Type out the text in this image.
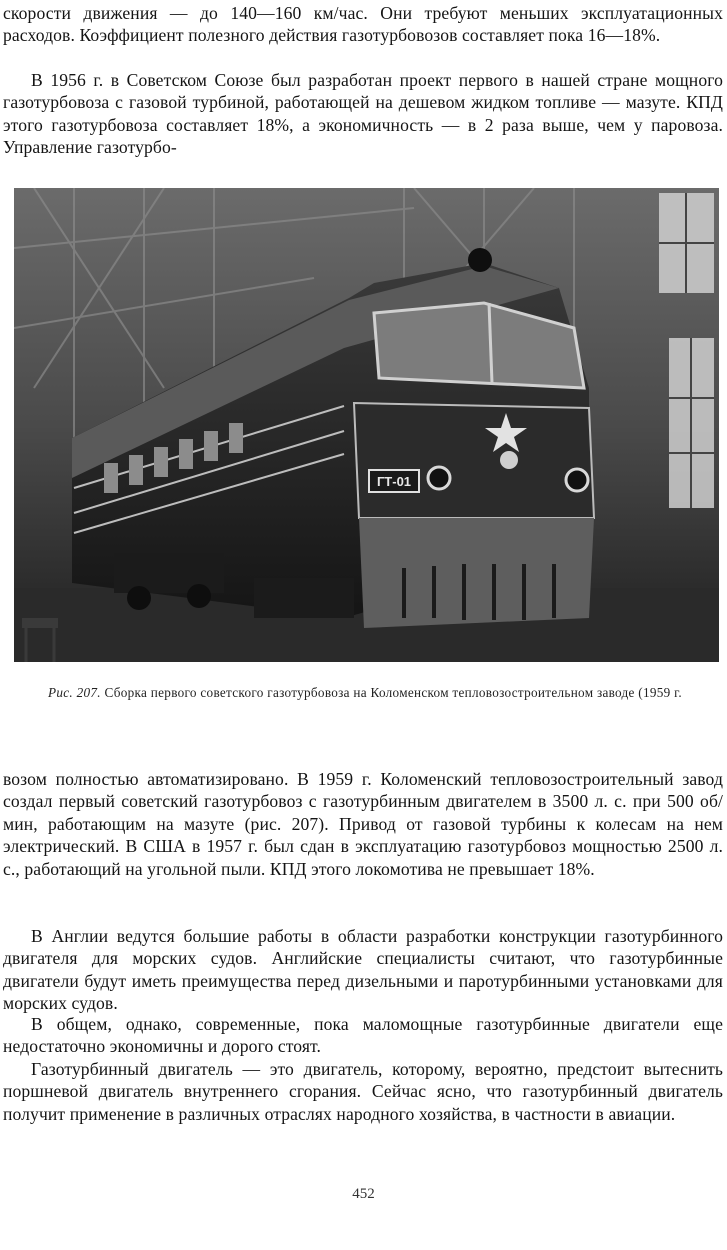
скорости движения — до 140—160 км/час. Они требуют меньших эксплуатационных расходов. Коэффициент полезного действия газотурбовозов составляет пока 16—18%.

В 1956 г. в Советском Союзе был разработан проект первого в нашей стране мощного газотурбовоза с газовой турбиной, работающей на дешевом жидком топливе — мазуте. КПД этого газотурбовоза составляет 18%, а экономичность — в 2 раза выше, чем у паровоза. Управление газотурбо-

ГТ-01

Рис. 207. Сборка первого советского газотурбовоза на Коломенском тепловозостроительном заводе (1959 г.

возом полностью автоматизировано. В 1959 г. Коломенский тепловозостроительный завод создал первый советский газотурбовоз с газотурбинным двигателем в 3500 л. с. при 500 об/мин, работающим на мазуте (рис. 207). Привод от газовой турбины к колесам на нем электрический. В США в 1957 г. был сдан в эксплуатацию газотурбовоз мощностью 2500 л. с., работающий на угольной пыли. КПД этого локомотива не превышает 18%.

В Англии ведутся большие работы в области разработки конструкции газотурбинного двигателя для морских судов. Английские специалисты считают, что газотурбинные двигатели будут иметь преимущества перед дизельными и паротурбинными установками для морских судов.

В общем, однако, современные, пока маломощные газотурбинные двигатели еще недостаточно экономичны и дорого стоят.

Газотурбинный двигатель — это двигатель, которому, вероятно, предстоит вытеснить поршневой двигатель внутреннего сгорания. Сейчас ясно, что газотурбинный двигатель получит применение в различных отраслях народного хозяйства, в частности в авиации.

452
